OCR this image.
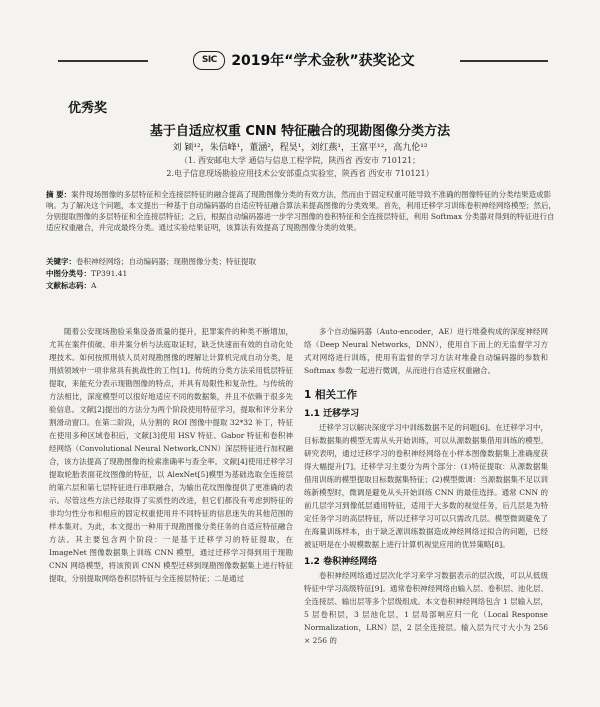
SIC	2019年“学术金秋”获奖论文
优秀奖
基于自适应权重 CNN 特征融合的现勘图像分类方法
刘 颖¹²，朱信峰¹，董涵²，程昊¹，刘红燕¹，王富平¹²，高九伦¹²
（1. 西安邮电大学 通信与信息工程学院，陕西省 西安市 710121；
2.电子信息现场勘验应用技术公安部重点实验室，陕西省 西安市 710121）
摘 要：案件现场图像的多层特征和全连接层特征的融合提高了现勘图像分类的有效方法，然而由于固定权重可能导致不准确的图像特征的分类结果造成影响。为了解决这个问题，本文提出一种基于自动编码器的自适应特征融合算法来提高图像的分类效果。首先，利用迁移学习训练卷积神经网络模型；然后，分别提取图像的多层特征和全连接层特征；之后，根据自动编码器进一步学习图像的卷积特征和全连接层特征，利用 Softmax 分类器对得到的特征进行自适应权重融合，并完成最终分类。通过实验结果证明，该算法有效提高了现勘图像分类的效果。
关键字：卷积神经网络；自动编码器；现勘图像分类；特征提取
中图分类号：TP391.41
文献标志码：A

随着公安现场勘验采集设备质量的提升，犯罪案件的种类不断增加，尤其在案件侦破、串并案分析与法庭取证时，缺乏快速而有效的自动化处理技术。如何按照刑侦人员对现勘图像的理解让计算机完成自动分类，是刑侦领域中一项非常具有挑战性的工作[1]。传统的分类方法采用低层特征提取，来能充分表示现勘图像的特点，并具有局限性和复杂性。与传统的方法相比，深度模型可以很好地适应不同的数据集，并且不依赖于很多先验信息。文献[2]提出的方法分为两个阶段使用特征学习，提取和评分来分割滑动窗口。在第二阶段，从分割的 ROI 图像中提取 32*32 补丁，特征在使用多种区域卷积后，文献[3]使用 HSV 特征、Gabor 特征和卷积神经网络（Convolutional Neural Network,CNN）深层特征进行加权融合，该方法提高了现勘图像的检索准确率与查全率。文献[4]使用迁移学习提取轮胎表面花纹图像的特征，以 AlexNet[5]模型为基础选取全连接层的第六层和第七层特征进行串联融合，为输出花纹图像提供了更准确的表示。尽管这些方法已经取得了实质性的改进，但它们都没有考虑到特征的非均匀性分布和相应的固定权重使用并不同特征的信息迷失的其他范围的样本集对。为此，本文提出一种用于现勘图像分类任务的自适应特征融合方法。其主要包含两个阶段：一是基于迁移学习的特征提取，在 ImageNet 图像数据集上训练 CNN 模型，通过迁移学习得到用于现勘 CNN 网络模型，将该预训 CNN 模型迁移到现勘图像数据集上进行特征提取，分别提取网络卷积层特征与全连接层特征；二是通过

多个自动编码器（Auto-encoder，AE）进行堆叠构成的深度神经网络（Deep Neural Networks，DNN），使用自下而上的无监督学习方式对网络进行训练，使用有监督的学习方法对堆叠自动编码器的参数和 Softmax 参数一起进行微调，从而进行自适应权重融合。

1 相关工作
1.1 迁移学习

迁移学习以解决深度学习中训练数据不足的问题[6]。在迁移学习中，目标数据集的模型无需从头开始训练，可以从源数据集借用训练的模型。研究表明，通过迁移学习的卷积神经网络在小样本图像数据集上准确度获得大幅提升[7]。迁移学习主要分为两个部分：(1)特征提取：从源数据集借用训练的模型提取目标数据集特征；(2)模型微调：当源数据集不足以训练新模型时，微调是避免从头开始训练 CNN 的最佳选择。通常 CNN 的前几层学习到像低层通用特征，适用于大多数的视觉任务，后几层是为特定任务学习的高层特征，所以迁移学习可以只需改几层。模型微调避免了在海量训练样本，由于缺乏源训练数据造成神经网络过拟合的问题，已经被证明是在小规模数据上进行计算机视觉应用的优异策略[8]。

1.2 卷积神经网络

卷积神经网络通过层次化学习来学习数据表示的层次级，可以从低级特征中学习高级特征[9]。通常卷积神经网络由输入层、卷积层、池化层、全连接层、输出层等多个层级组成。本文卷积神经网络包含 1 层输入层，5 层卷积层，3 层池化层，1 层局部响应归一化（Local Response Normalization，LRN）层，2 层全连接层。输入层为尺寸大小为 256 × 256 的
